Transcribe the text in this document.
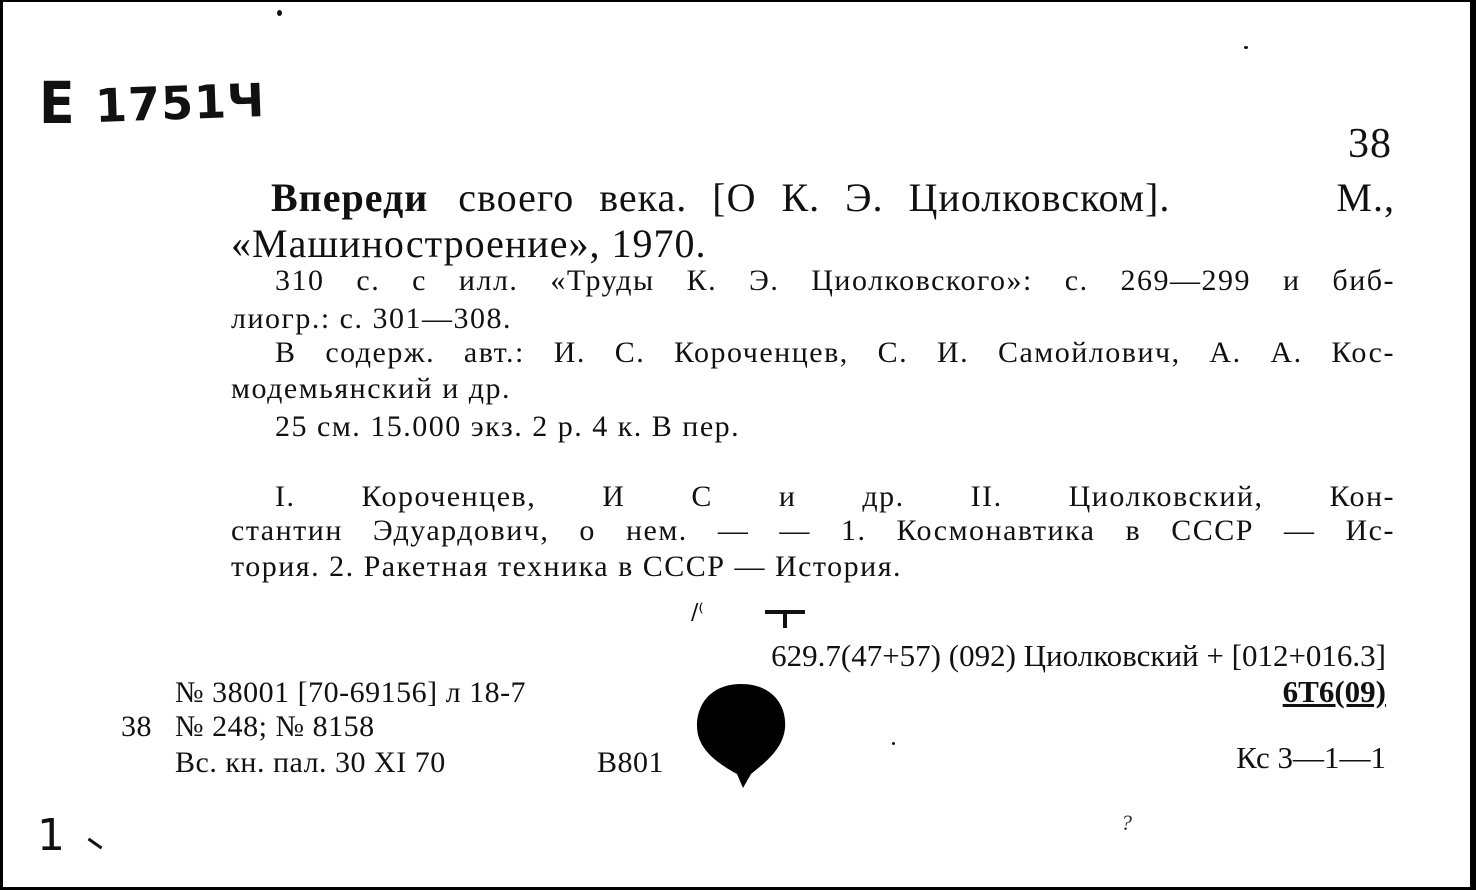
Е 1751Ч
38
Впереди своего века. [О К. Э. Циолковском].	М.,
«Машиностроение», 1970.
310 с. с илл. «Труды К. Э. Циолковского»: с. 269—299 и биб-
лиогр.: с. 301—308.
В содерж. авт.: И. С. Короченцев, С. И. Самойлович, А. А. Кос-
модемьянский и др.
25 см. 15.000 экз. 2 р. 4 к. В пер.
I. Короченцев, И С и др. II. Циолковский, Кон-
стантин Эдуардович, о нем. — — 1. Космонавтика в СССР — Ис-
тория. 2. Ракетная техника в СССР — История.
∕⁽
629.7(47+57) (092) Циолковский + [012+016.3]
6Т6(09)
Кс 3—1—1
№ 38001 [70-69156] л 18-7
38 № 248; № 8158
Вс. кн. пал. 30 XI 70	В801
?
1
